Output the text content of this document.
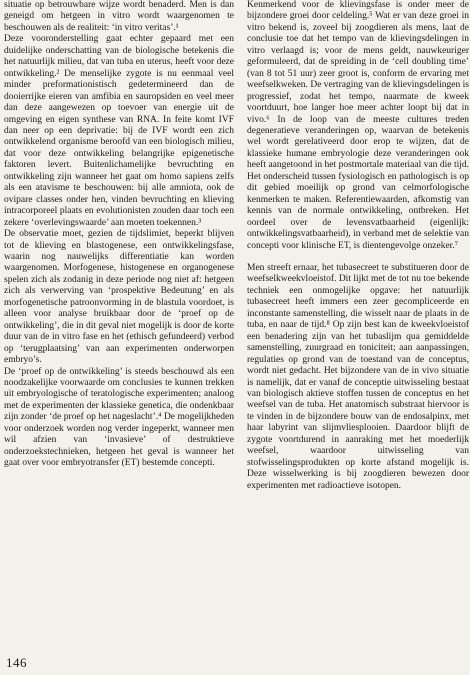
situatie op betrouwbare wijze wordt benaderd. Men is dan geneigd om hetgeen in vitro wordt waargenomen te beschouwen als de realiteit: ‘in vitro veritas’.¹

Deze vooronderstelling gaat echter gepaard met een duidelijke onderschatting van de biologische betekenis die het natuurlijk milieu, dat van tuba en uterus, heeft voor deze ontwikkeling.² De menselijke zygote is nu eenmaal veel minder preformationistisch gedetermineerd dan de dooierrijke eieren van amfibia en sauropsiden en veel meer dan deze aangewezen op toevoer van energie uit de omgeving en eigen synthese van RNA. In feite komt IVF dan neer op een deprivatie: bij de IVF wordt een zich ontwikkelend organisme beroofd van een biologisch milieu, dat voor deze ontwikkeling belangrijke epigenetische faktoren levert. Buitenlichamelijke bevruchting en ontwikkeling zijn wanneer het gaat om homo sapiens zelfs als een atavisme te beschouwen: bij alle amniota, ook de ovipare classes onder hen, vinden bevruchting en klieving intracorporeel plaats en evolutionisten zouden daar toch een zekere ‘overlevingswaarde’ aan moeten toekennen.³

De observatie moet, gezien de tijdslimiet, beperkt blijven tot de klieving en blastogenese, een ontwikkelingsfase, waarin nog nauwelijks differentiatie kan worden waargenomen. Morfogenese, histogenese en organogenese spelen zich als zodanig in deze periode nog niet af: hetgeen zich als verwerving van ‘prospektive Bedeutung’ en als morfogenetische patroonvorming in de blastula voordoet, is alleen voor analyse bruikbaar door de ‘proef op de ontwikkeling’, die in dit geval niet mogelijk is door de korte duur van de in vitro fase en het (ethisch gefundeerd) verbod op ‘terugplaatsing’ van aan experimenten onderworpen embryo’s.

De ‘proef op de ontwikkeling’ is steeds beschouwd als een noodzakelijke voorwaarde om conclusies te kunnen trekken uit embryologische of teratologische experimenten; analoog met de experimenten der klassieke genetica, die ondenkbaar zijn zonder ‘de proef op het nageslacht’.⁴ De mogelijkheden voor onderzoek worden nog verder ingeperkt, wanneer men wil afzien van ‘invasieve’ of destruktieve onderzoekstechnieken, hetgeen het geval is wanneer het gaat over voor embryotransfer (ET) bestemde concepti.

Kenmerkend voor de klievingsfase is onder meer de bijzondere groei door celdeling.⁵ Wat er van deze groei in vitro bekend is, zoveel bij zoogdieren als mens, laat de conclusie toe dat het tempo van de klievingsdelingen in vitro verlaagd is; voor de mens geldt, nauwkeuriger geformuleerd, dat de spreiding in de ‘cell doubling time’ (van 8 tot 51 uur) zeer groot is, conform de ervaring met weefselkweken. De vertraging van de klievingsdelingen is progressief, zodat het tempo, naarmate de kweek voortduurt, hoe langer hoe meer achter loopt bij dat in vivo.⁶ In de loop van de meeste cultures treden degeneratieve veranderingen op, waarvan de betekenis wel wordt gerelativeerd door erop te wijzen, dat de klassieke humane embryologie deze veranderingen ook heeft aangetoond in het postmortale materiaal van die tijd. Het onderscheid tussen fysiologisch en pathologisch is op dit gebied moeilijk op grond van celmorfologische kenmerken te maken. Referentiewaarden, afkomstig van kennis van de normale ontwikkeling, ontbreken. Het oordeel over de levensvatbaarheid (eigenlijk: ontwikkelingsvatbaarheid), in verband met de selektie van concepti voor klinische ET, is dientengevolge onzeker.⁷

Men streeft ernaar, het tubasecreet te substitueren door de weefselkweekvloeistof. Dit lijkt met de tot nu toe bekende techniek een onmogelijke opgave: het natuurlijk tubasecreet heeft immers een zeer gecompliceerde en inconstante samenstelling, die wisselt naar de plaats in de tuba, en naar de tijd.⁸ Op zijn best kan de kweekvloeistof een benadering zijn van het tubaslijm qua gemiddelde samenstelling, zuurgraad en toniciteit; aan aanpassingen, regulaties op grond van de toestand van de conceptus, wordt niet gedacht. Het bijzondere van de in vivo situatie is namelijk, dat er vanaf de conceptie uitwisseling bestaat van biologisch aktieve stoffen tussen de conceptus en het weefsel van de tuba. Het anatomisch substraat hiervoor is te vinden in de bijzondere bouw van de endosalpinx, met haar labyrint van slijmvliesplooien. Daardoor blijft de zygote voortdurend in aanraking met het moederlijk weefsel, waardoor uitwisseling van stofwisselingsprodukten op korte afstand mogelijk is. Deze wisselwerking is bij zoogdieren bewezen door experimenten met radioactieve isotopen.

146
